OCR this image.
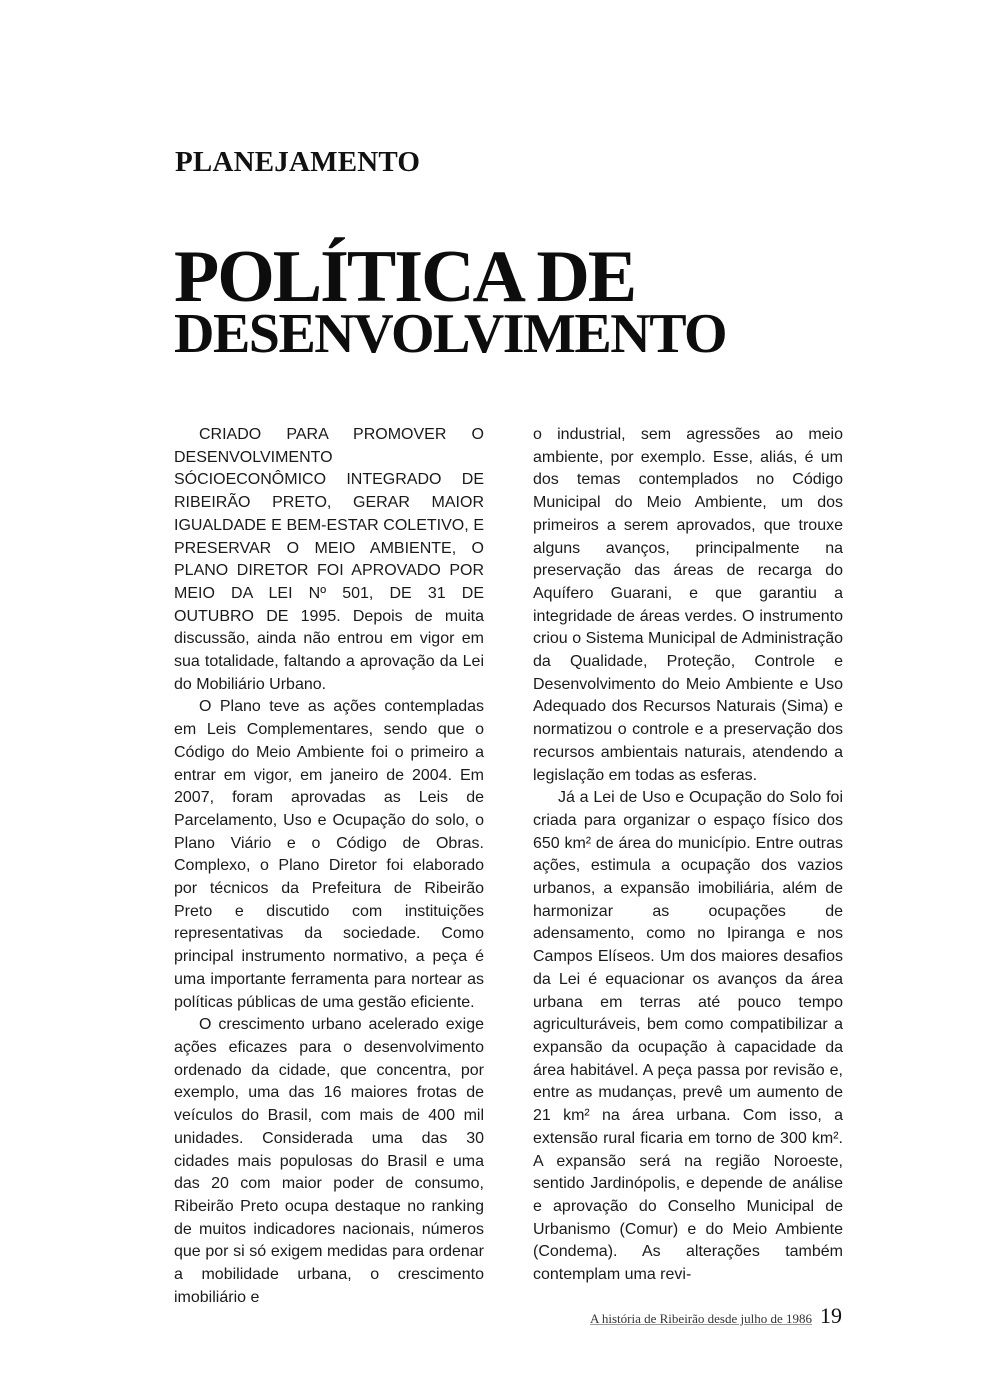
PLANEJAMENTO
POLÍTICA DE
DESENVOLVIMENTO

CRIADO PARA PROMOVER O DESENVOLVIMENTO SÓCIOECONÔMICO INTEGRADO DE RIBEIRÃO PRETO, GERAR MAIOR IGUALDADE E BEM-ESTAR COLETIVO, E PRESERVAR O MEIO AMBIENTE, O PLANO DIRETOR FOI APROVADO POR MEIO DA LEI Nº 501, DE 31 DE OUTUBRO DE 1995. Depois de muita discussão, ainda não entrou em vigor em sua totalidade, faltando a aprovação da Lei do Mobiliário Urbano.

O Plano teve as ações contempladas em Leis Complementares, sendo que o Código do Meio Ambiente foi o primeiro a entrar em vigor, em janeiro de 2004. Em 2007, foram aprovadas as Leis de Parcelamento, Uso e Ocupação do solo, o Plano Viário e o Código de Obras. Complexo, o Plano Diretor foi elaborado por técnicos da Prefeitura de Ribeirão Preto e discutido com instituições representativas da sociedade. Como principal instrumento normativo, a peça é uma importante ferramenta para nortear as políticas públicas de uma gestão eficiente.

O crescimento urbano acelerado exige ações eficazes para o desenvolvimento ordenado da cidade, que concentra, por exemplo, uma das 16 maiores frotas de veículos do Brasil, com mais de 400 mil unidades. Considerada uma das 30 cidades mais populosas do Brasil e uma das 20 com maior poder de consumo, Ribeirão Preto ocupa destaque no ranking de muitos indicadores nacionais, números que por si só exigem medidas para ordenar a mobilidade urbana, o crescimento imobiliário e

o industrial, sem agressões ao meio ambiente, por exemplo. Esse, aliás, é um dos temas contemplados no Código Municipal do Meio Ambiente, um dos primeiros a serem aprovados, que trouxe alguns avanços, principalmente na preservação das áreas de recarga do Aquífero Guarani, e que garantiu a integridade de áreas verdes. O instrumento criou o Sistema Municipal de Administração da Qualidade, Proteção, Controle e Desenvolvimento do Meio Ambiente e Uso Adequado dos Recursos Naturais (Sima) e normatizou o controle e a preservação dos recursos ambientais naturais, atendendo a legislação em todas as esferas.

Já a Lei de Uso e Ocupação do Solo foi criada para organizar o espaço físico dos 650 km² de área do município. Entre outras ações, estimula a ocupação dos vazios urbanos, a expansão imobiliária, além de harmonizar as ocupações de adensamento, como no Ipiranga e nos Campos Elíseos. Um dos maiores desafios da Lei é equacionar os avanços da área urbana em terras até pouco tempo agriculturáveis, bem como compatibilizar a expansão da ocupação à capacidade da área habitável. A peça passa por revisão e, entre as mudanças, prevê um aumento de 21 km² na área urbana. Com isso, a extensão rural ficaria em torno de 300 km². A expansão será na região Noroeste, sentido Jardinópolis, e depende de análise e aprovação do Conselho Municipal de Urbanismo (Comur) e do Meio Ambiente (Condema). As alterações também contemplam uma revi-

A história de Ribeirão desde julho de 1986 19
